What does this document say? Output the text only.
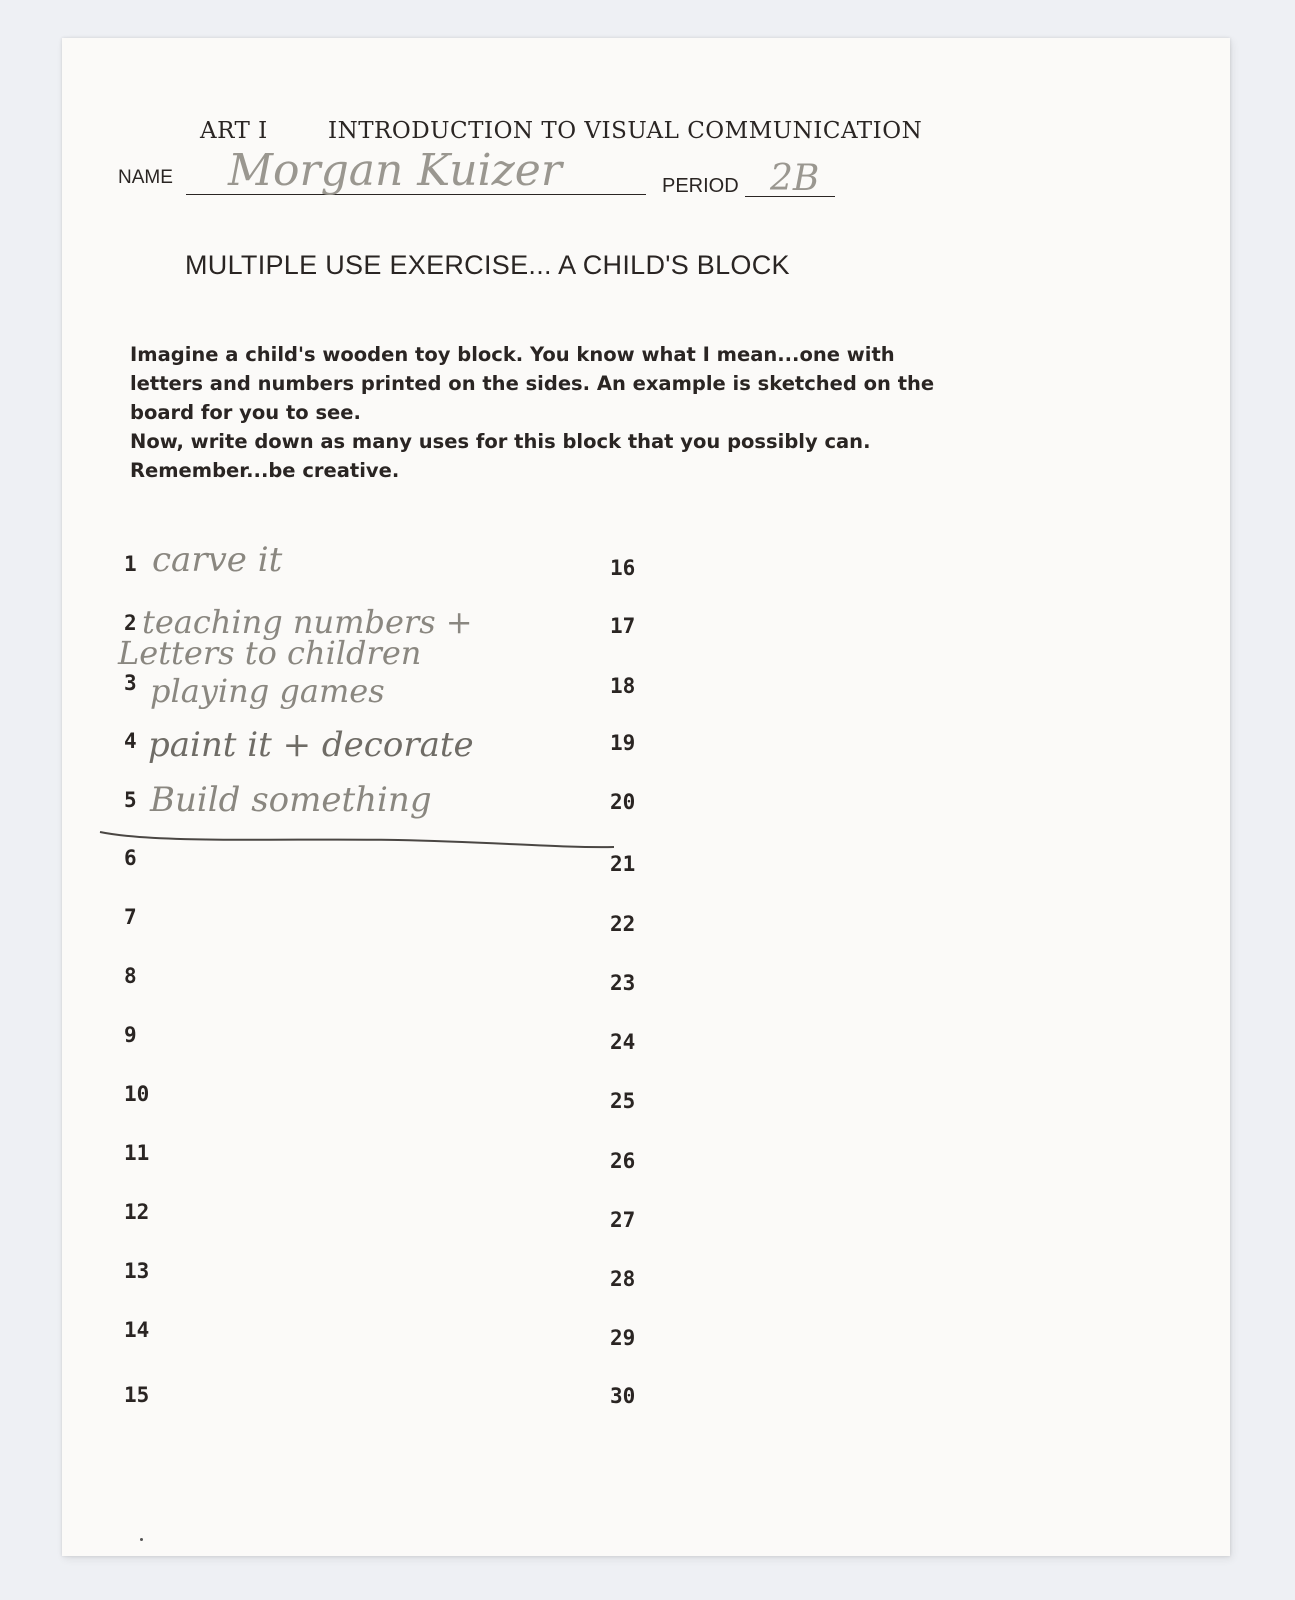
ART I	INTRODUCTION TO VISUAL COMMUNICATION
NAME Morgan Kuizer	PERIOD 2B
MULTIPLE USE EXERCISE... A CHILD'S BLOCK

Imagine a child's wooden toy block. You know what I mean...one with

letters and numbers printed on the sides. An example is sketched on the

board for you to see.

Now, write down as many uses for this block that you possibly can.

Remember...be creative.

1
2
3
4
5
6
7
8
9
10
11
12
13
14
15
16
17
18
19
20
21
22
23
24
25
26
27
28
29
30
carve it
teaching numbers +
Letters to children
playing games
paint it + decorate
Build something
